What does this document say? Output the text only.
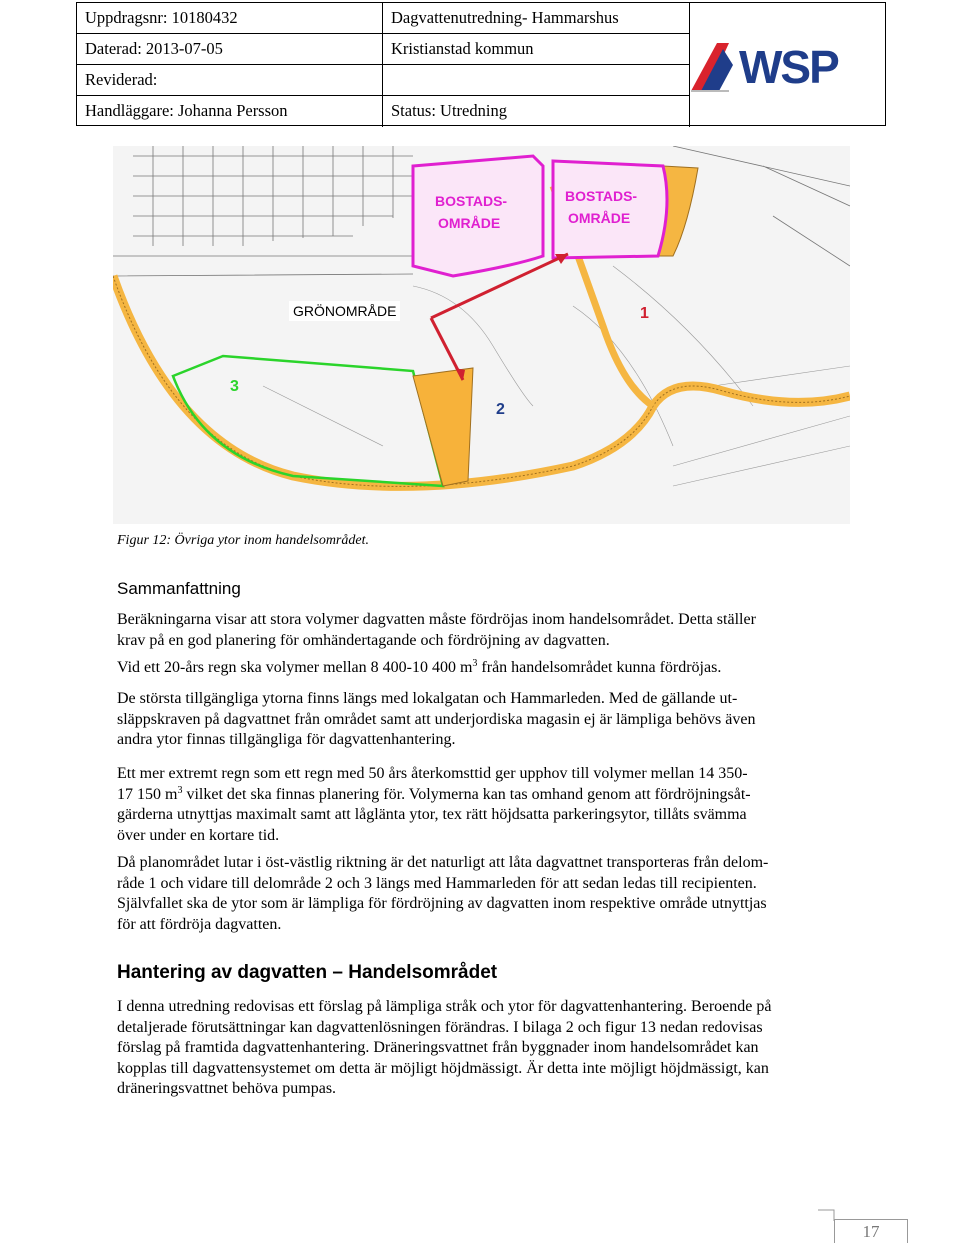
Uppdragsnr: 10180432
Daterad: 2013-07-05
Reviderad:
Handläggare: Johanna Persson
Dagvattenutredning- Hammarshus
Kristianstad kommun
Status: Utredning
WSP
BOSTADS-
OMRÅDE
BOSTADS-
OMRÅDE
1
2
3
GRÖNOMRÅDE
Figur 12: Övriga ytor inom handelsområdet.
Sammanfattning
Beräkningarna visar att stora volymer dagvatten måste fördröjas inom handelsområdet. Detta ställer
krav på en god planering för omhändertagande och fördröjning av dagvatten.
Vid ett 20-års regn ska volymer mellan 8 400-10 400 $m^3$ från handelsområdet kunna fördröjas.
De största tillgängliga ytorna finns längs med lokalgatan och Hammarleden. Med de gällande ut-
släppskraven på dagvattnet från området samt att underjordiska magasin ej är lämpliga behövs även
andra ytor finnas tillgängliga för dagvattenhantering.
Ett mer extremt regn som ett regn med 50 års återkomsttid ger upphov till volymer mellan 14 350-
17 150 $m^3$ vilket det ska finnas planering för. Volymerna kan tas omhand genom att fördröjningsåt-
gärderna utnyttjas maximalt samt att låglänta ytor, tex rätt höjdsatta parkeringsytor, tillåts svämma
över under en kortare tid.
Då planområdet lutar i öst-västlig riktning är det naturligt att låta dagvattnet transporteras från delom-
råde 1 och vidare till delområde 2 och 3 längs med Hammarleden för att sedan ledas till recipienten.
Självfallet ska de ytor som är lämpliga för fördröjning av dagvatten inom respektive område utnyttjas
för att fördröja dagvatten.
Hantering av dagvatten – Handelsområdet
I denna utredning redovisas ett förslag på lämpliga stråk och ytor för dagvattenhantering. Beroende på
detaljerade förutsättningar kan dagvattenlösningen förändras. I bilaga 2 och figur 13 nedan redovisas
förslag på framtida dagvattenhantering. Dräneringsvattnet från byggnader inom handelsområdet kan
kopplas till dagvattensystemet om detta är möjligt höjdmässigt. Är detta inte möjligt höjdmässigt, kan
dräneringsvattnet behöva pumpas.
17
